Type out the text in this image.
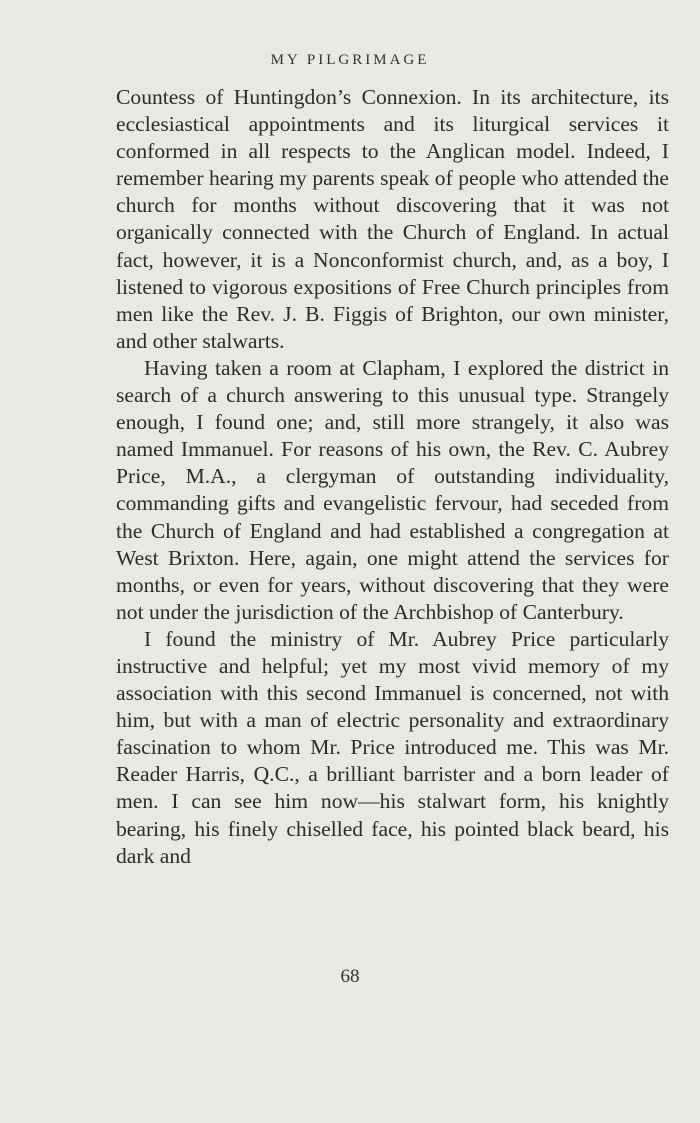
MY PILGRIMAGE

Countess of Huntingdon’s Connexion. In its architecture, its ecclesiastical appointments and its liturgical services it conformed in all respects to the Anglican model. Indeed, I remember hearing my parents speak of people who attended the church for months without discovering that it was not organically connected with the Church of England. In actual fact, however, it is a Nonconformist church, and, as a boy, I listened to vigorous expositions of Free Church principles from men like the Rev. J. B. Figgis of Brighton, our own minister, and other stalwarts.

Having taken a room at Clapham, I explored the district in search of a church answering to this unusual type. Strangely enough, I found one; and, still more strangely, it also was named Immanuel. For reasons of his own, the Rev. C. Aubrey Price, M.A., a clergyman of outstanding individuality, commanding gifts and evangelistic fervour, had seceded from the Church of England and had established a congregation at West Brixton. Here, again, one might attend the services for months, or even for years, without discovering that they were not under the jurisdiction of the Archbishop of Canterbury.

I found the ministry of Mr. Aubrey Price particularly instructive and helpful; yet my most vivid memory of my association with this second Immanuel is concerned, not with him, but with a man of electric personality and extraordinary fascination to whom Mr. Price introduced me. This was Mr. Reader Harris, Q.C., a brilliant barrister and a born leader of men. I can see him now—his stalwart form, his knightly bearing, his finely chiselled face, his pointed black beard, his dark and

68
